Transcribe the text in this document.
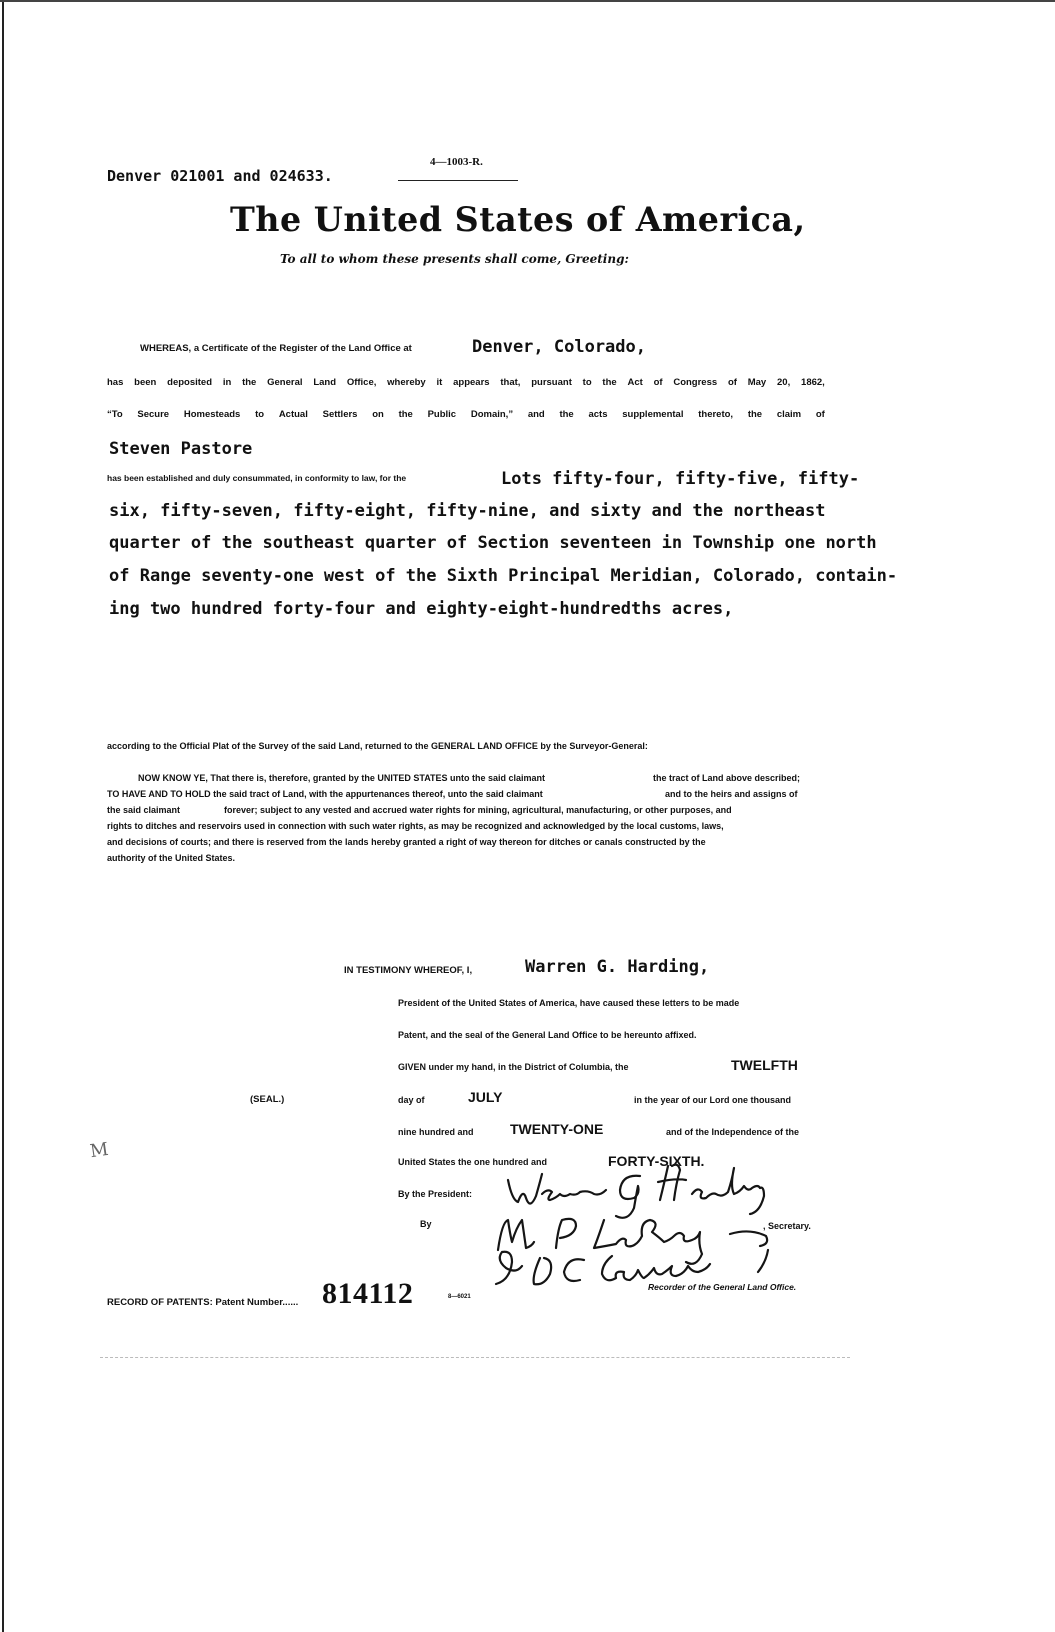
Denver 021001 and 024633.
4—1003-R.
The United States of America,
To all to whom these presents shall come, Greeting:
WHEREAS, a Certificate of the Register of the Land Office at	Denver, Colorado,
has been deposited in the General Land Office, whereby it appears that, pursuant to the Act of Congress of May 20, 1862,
“To Secure Homesteads to Actual Settlers on the Public Domain,” and the acts supplemental thereto, the claim of
Steven Pastore
has been established and duly consummated, in conformity to law, for the	Lots fifty-four, fifty-five, fifty-
six, fifty-seven, fifty-eight, fifty-nine, and sixty and the northeast
quarter of the southeast quarter of Section seventeen in Township one north
of Range seventy-one west of the Sixth Principal Meridian, Colorado, contain-
ing two hundred forty-four and eighty-eight-hundredths acres,
according to the Official Plat of the Survey of the said Land, returned to the GENERAL LAND OFFICE by the Surveyor-General:
NOW KNOW YE, That there is, therefore, granted by the UNITED STATES unto the said claimant	the tract of Land above described;
TO HAVE AND TO HOLD the said tract of Land, with the appurtenances thereof, unto the said claimant	and to the heirs and assigns of
the said claimant	forever; subject to any vested and accrued water rights for mining, agricultural, manufacturing, or other purposes, and
rights to ditches and reservoirs used in connection with such water rights, as may be recognized and acknowledged by the local customs, laws,
and decisions of courts; and there is reserved from the lands hereby granted a right of way thereon for ditches or canals constructed by the
authority of the United States.
IN TESTIMONY WHEREOF, I,	Warren G. Harding,
President of the United States of America, have caused these letters to be made
Patent, and the seal of the General Land Office to be hereunto affixed.
GIVEN under my hand, in the District of Columbia, the	TWELFTH
(SEAL.)	day of	JULY	in the year of our Lord one thousand
nine hundred and	TWENTY-ONE	and of the Independence of the
United States the one hundred and	FORTY-SIXTH.
By the President:
By	, Secretary.
Recorder of the General Land Office.
M
RECORD OF PATENTS: Patent Number...... 814112	8—6021
